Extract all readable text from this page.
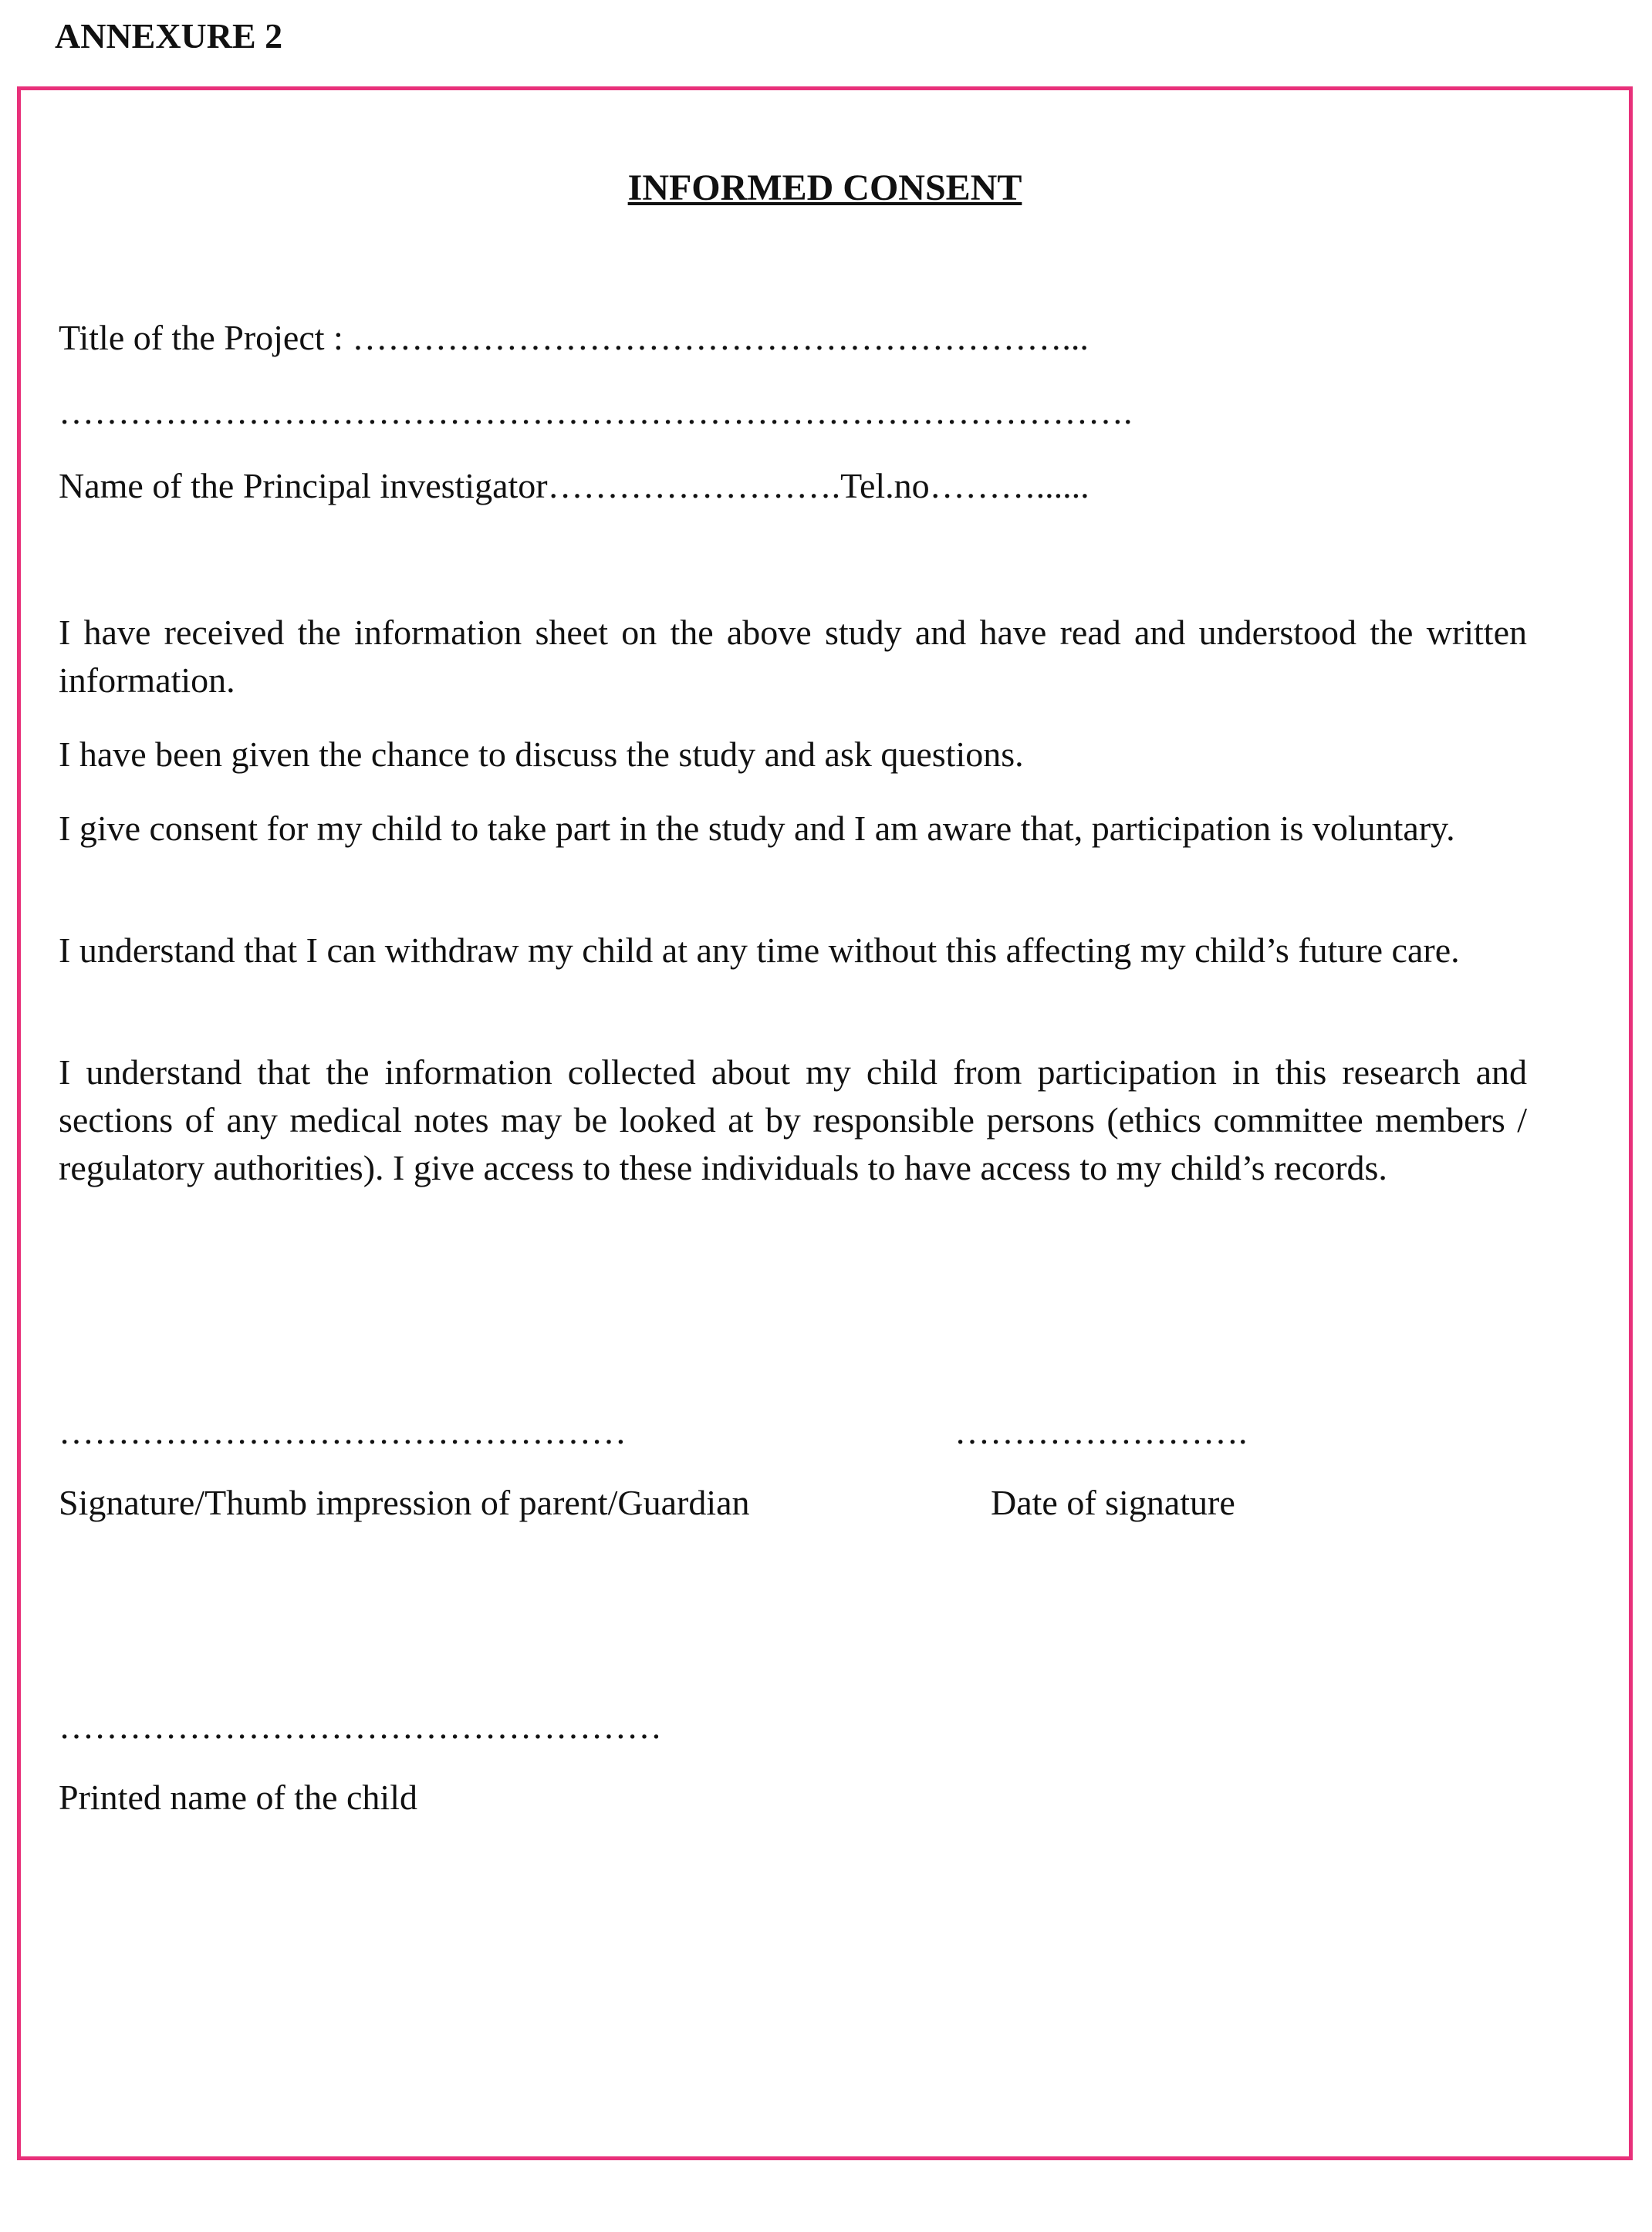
ANNEXURE 2
INFORMED CONSENT
Title of the Project : ……………………………………………………...
……………………………………………………………………………….
Name of the Principal investigator…………………….Tel.no………......

I have received the information sheet on the above study and have read and understood the written information.

I have been given the chance to discuss the study and ask questions.

I give consent for my child to take part in the study and I am aware that, participation is voluntary.

I understand that I can withdraw my child at any time without this affecting my child’s future care.

I understand that the information collected about my child from participation in this research and sections of any medical notes may be looked at by responsible persons (ethics committee members / regulatory authorities). I give access to these individuals to have access to my child’s records.

…………………………………………	…………………….
Signature/Thumb impression of parent/Guardian	Date of signature
……………………………………………
Printed name of the child
